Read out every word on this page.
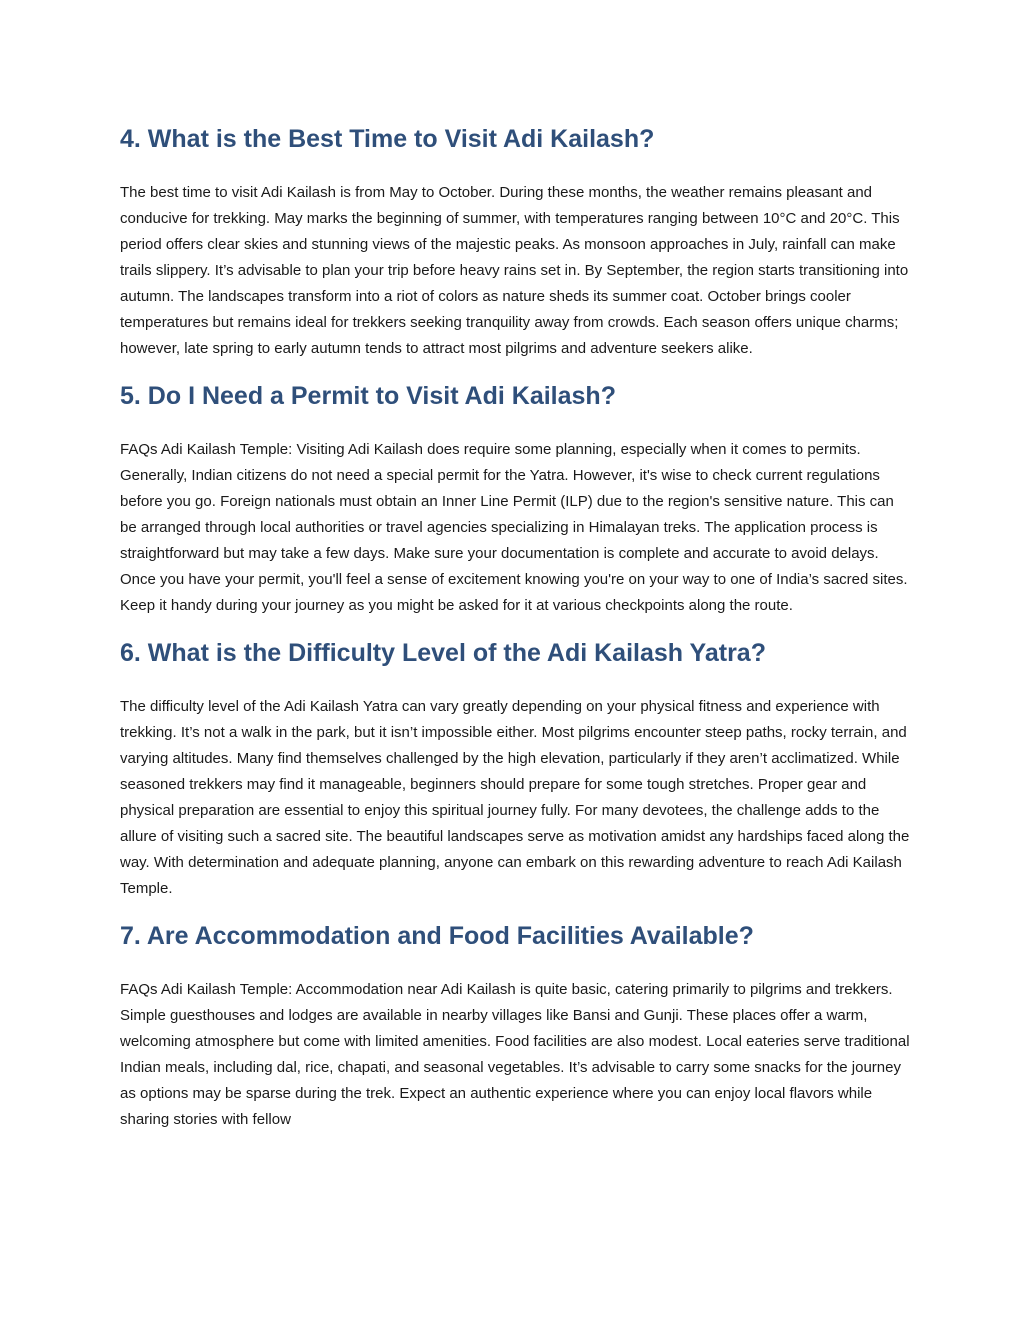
4. What is the Best Time to Visit Adi Kailash?

The best time to visit Adi Kailash is from May to October. During these months, the weather remains pleasant and conducive for trekking. May marks the beginning of summer, with temperatures ranging between 10°C and 20°C. This period offers clear skies and stunning views of the majestic peaks. As monsoon approaches in July, rainfall can make trails slippery. It’s advisable to plan your trip before heavy rains set in. By September, the region starts transitioning into autumn. The landscapes transform into a riot of colors as nature sheds its summer coat. October brings cooler temperatures but remains ideal for trekkers seeking tranquility away from crowds. Each season offers unique charms; however, late spring to early autumn tends to attract most pilgrims and adventure seekers alike.

5. Do I Need a Permit to Visit Adi Kailash?

FAQs Adi Kailash Temple: Visiting Adi Kailash does require some planning, especially when it comes to permits. Generally, Indian citizens do not need a special permit for the Yatra. However, it's wise to check current regulations before you go. Foreign nationals must obtain an Inner Line Permit (ILP) due to the region's sensitive nature. This can be arranged through local authorities or travel agencies specializing in Himalayan treks. The application process is straightforward but may take a few days. Make sure your documentation is complete and accurate to avoid delays. Once you have your permit, you'll feel a sense of excitement knowing you're on your way to one of India’s sacred sites. Keep it handy during your journey as you might be asked for it at various checkpoints along the route.

6. What is the Difficulty Level of the Adi Kailash Yatra?

The difficulty level of the Adi Kailash Yatra can vary greatly depending on your physical fitness and experience with trekking. It’s not a walk in the park, but it isn’t impossible either. Most pilgrims encounter steep paths, rocky terrain, and varying altitudes. Many find themselves challenged by the high elevation, particularly if they aren’t acclimatized. While seasoned trekkers may find it manageable, beginners should prepare for some tough stretches. Proper gear and physical preparation are essential to enjoy this spiritual journey fully. For many devotees, the challenge adds to the allure of visiting such a sacred site. The beautiful landscapes serve as motivation amidst any hardships faced along the way. With determination and adequate planning, anyone can embark on this rewarding adventure to reach Adi Kailash Temple.

7. Are Accommodation and Food Facilities Available?

FAQs Adi Kailash Temple: Accommodation near Adi Kailash is quite basic, catering primarily to pilgrims and trekkers. Simple guesthouses and lodges are available in nearby villages like Bansi and Gunji. These places offer a warm, welcoming atmosphere but come with limited amenities. Food facilities are also modest. Local eateries serve traditional Indian meals, including dal, rice, chapati, and seasonal vegetables. It’s advisable to carry some snacks for the journey as options may be sparse during the trek. Expect an authentic experience where you can enjoy local flavors while sharing stories with fellow
